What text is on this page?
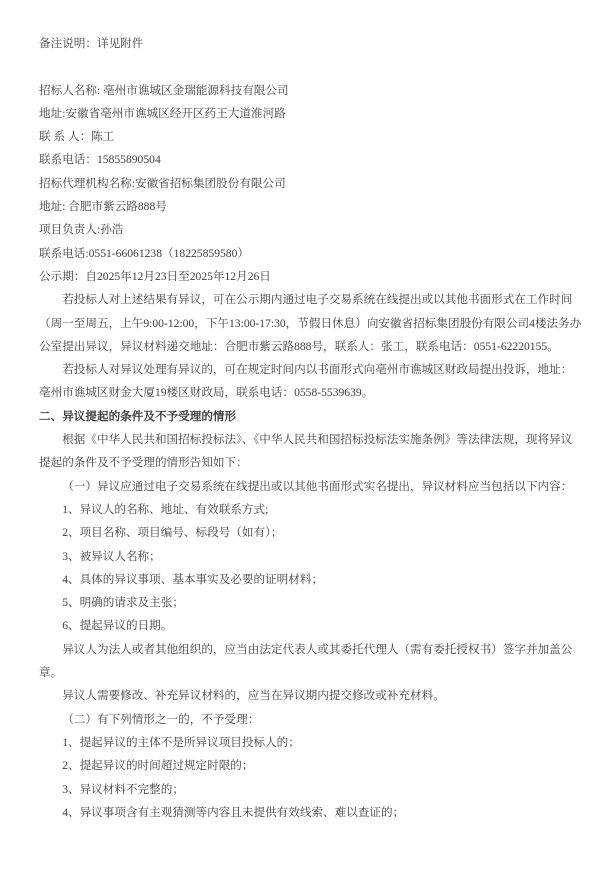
备注说明：详见附件

招标人名称: 亳州市谯城区金瑞能源科技有限公司

地址:安徽省亳州市谯城区经开区药王大道淮河路

联 系 人：陈工

联系电话：15855890504

招标代理机构名称:安徽省招标集团股份有限公司

地址: 合肥市紫云路888号

项目负责人:孙浩

联系电话:0551-66061238（18225859580）

公示期：自2025年12月23日至2025年12月26日

若投标人对上述结果有异议，可在公示期内通过电子交易系统在线提出或以其他书面形式在工作时间（周一至周五，上午9:00-12:00，下午13:00-17:30，节假日休息）向安徽省招标集团股份有限公司4楼法务办公室提出异议，异议材料递交地址：合肥市紫云路888号，联系人：张工，联系电话：0551-62220155。

若投标人对异议处理有异议的，可在规定时间内以书面形式向亳州市谯城区财政局提出投诉，地址：亳州市谯城区财金大厦19楼区财政局，联系电话：0558-5539639。

二、异议提起的条件及不予受理的情形

根据《中华人民共和国招标投标法》、《中华人民共和国招标投标法实施条例》等法律法规，现将异议提起的条件及不予受理的情形告知如下：

（一）异议应通过电子交易系统在线提出或以其他书面形式实名提出，异议材料应当包括以下内容：

1、异议人的名称、地址、有效联系方式;

2、项目名称、项目编号、标段号（如有）；

3、被异议人名称；

4、具体的异议事项、基本事实及必要的证明材料；

5、明确的请求及主张；

6、提起异议的日期。

异议人为法人或者其他组织的，应当由法定代表人或其委托代理人（需有委托授权书）签字并加盖公章。

异议人需要修改、补充异议材料的，应当在异议期内提交修改或补充材料。

（二）有下列情形之一的，不予受理：

1、提起异议的主体不是所异议项目投标人的；

2、提起异议的时间超过规定时限的；

3、异议材料不完整的；

4、异议事项含有主观猜测等内容且未提供有效线索、难以查证的；
